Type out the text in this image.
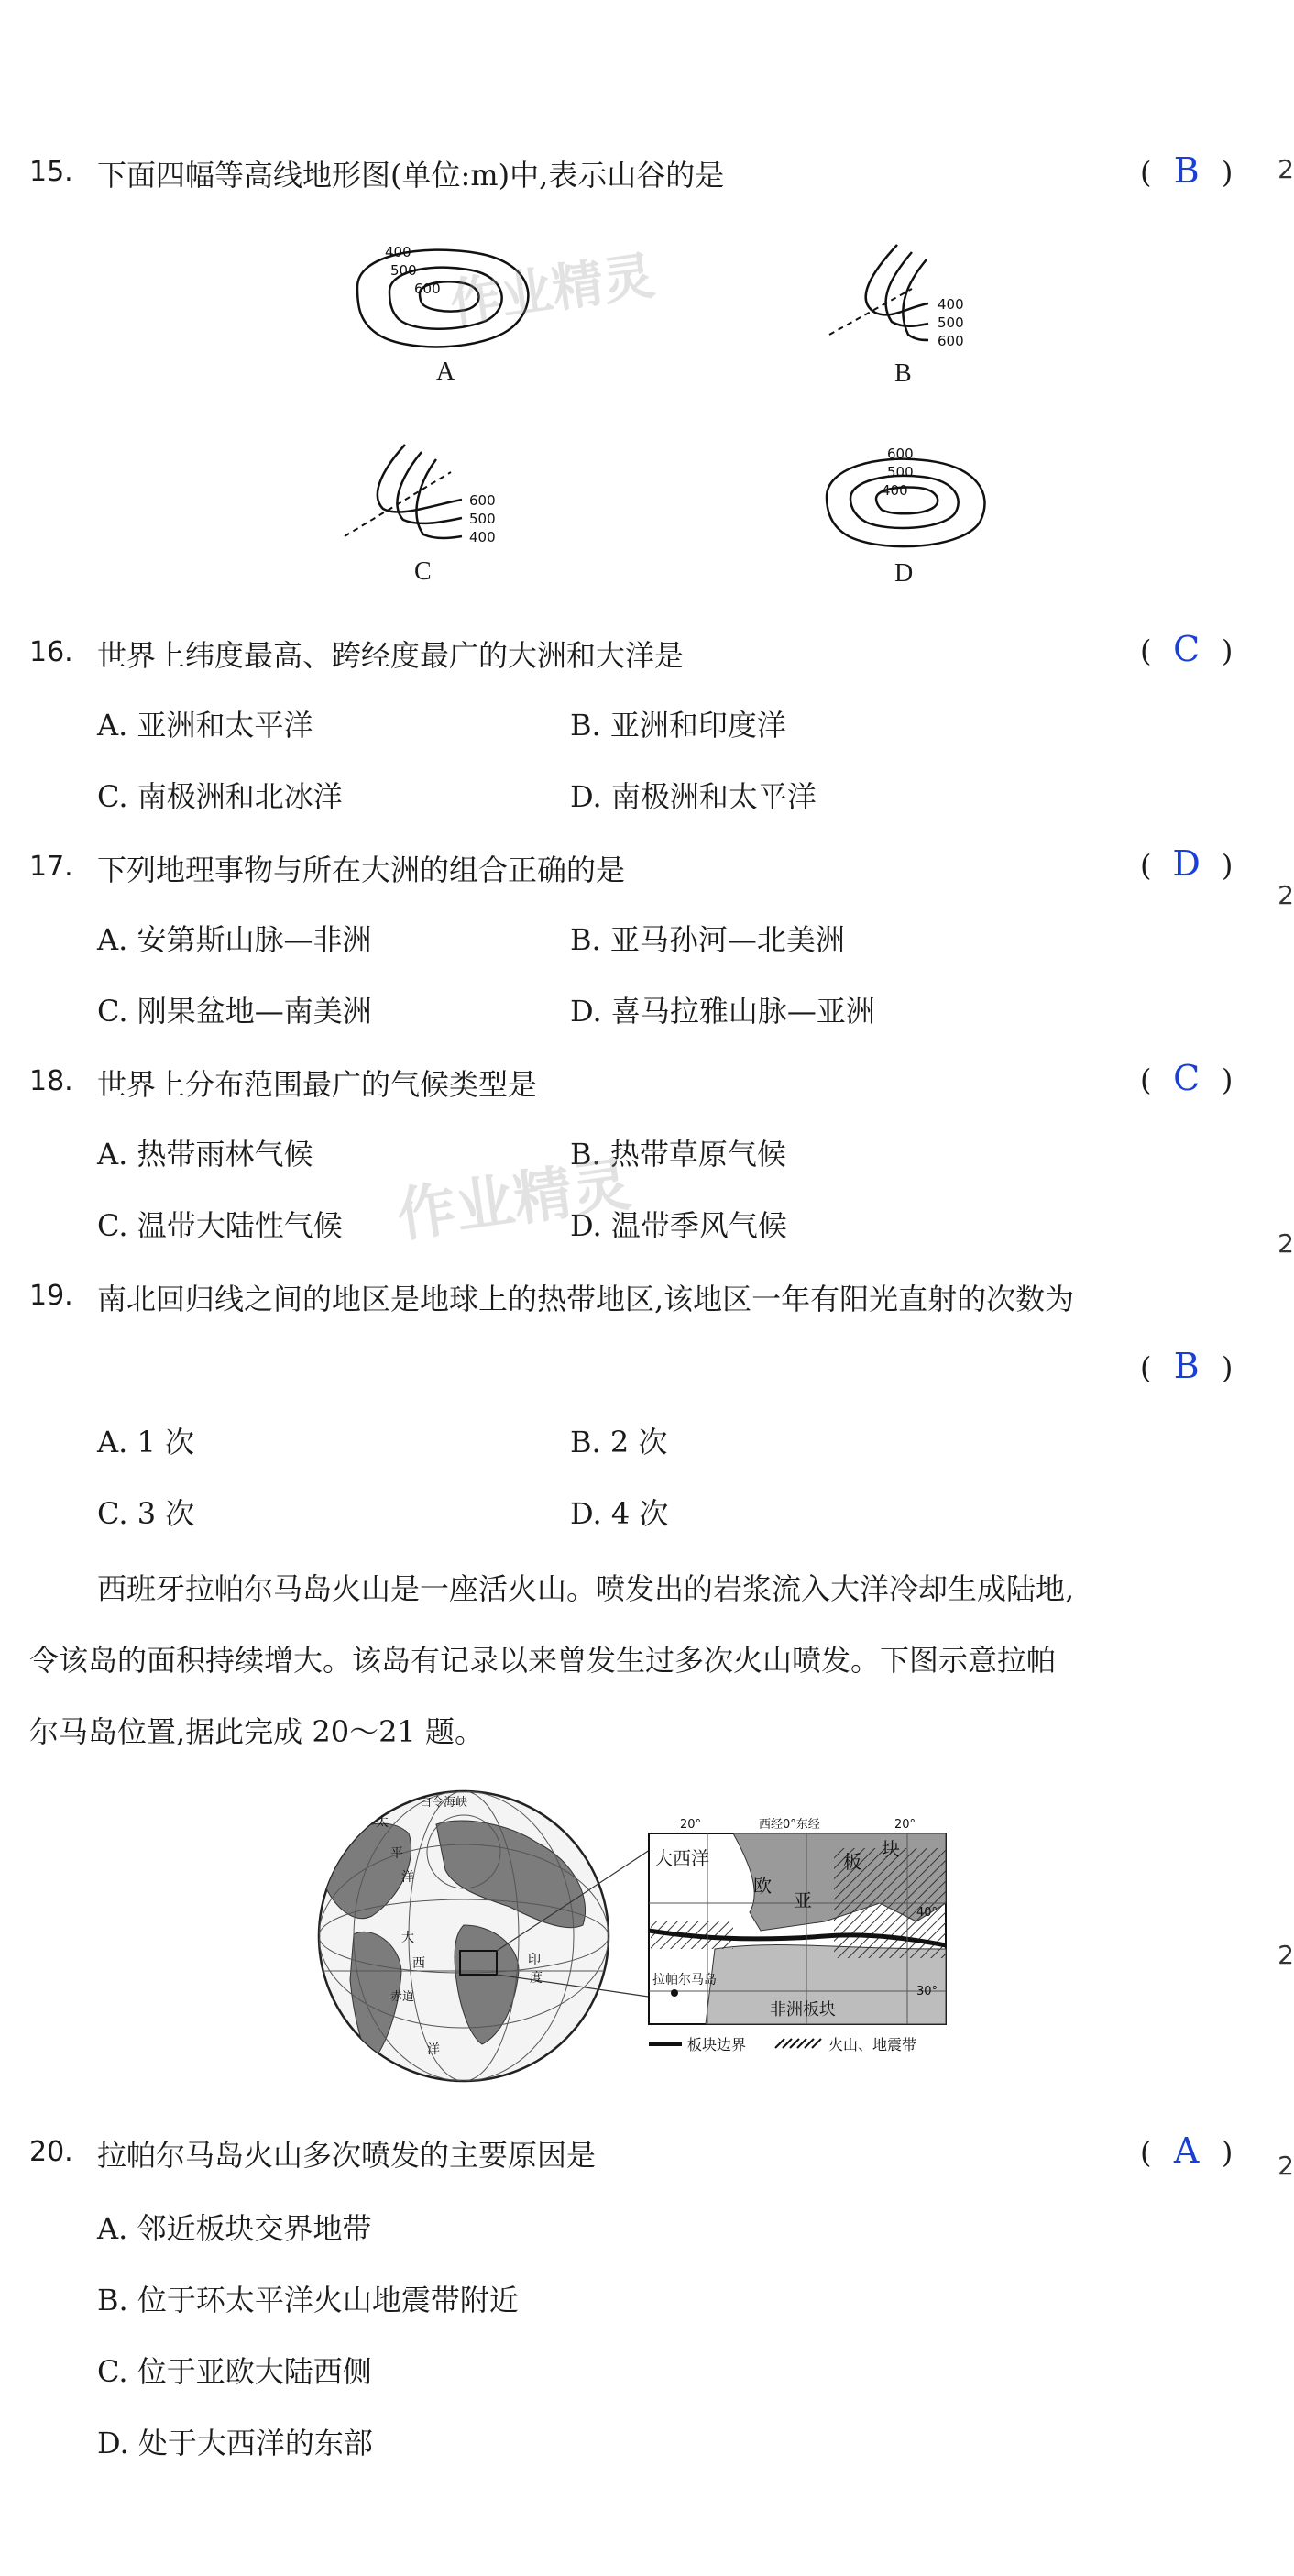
2
2
2
2
2
15. 下面四幅等高线地形图(单位:m)中,表示山谷的是	( B )
400
500
600
A
400
500
600
B
600
500
400
C
600
500
400
D
作业精灵
16. 世界上纬度最高、跨经度最广的大洲和大洋是	( C )
A. 亚洲和太平洋	B. 亚洲和印度洋
C. 南极洲和北冰洋	D. 南极洲和太平洋
17. 下列地理事物与所在大洲的组合正确的是	( D )
A. 安第斯山脉—非洲	B. 亚马孙河—北美洲
C. 刚果盆地—南美洲	D. 喜马拉雅山脉—亚洲
18. 世界上分布范围最广的气候类型是	( C )
A. 热带雨林气候	B. 热带草原气候
C. 温带大陆性气候	D. 温带季风气候
作业精灵
19. 南北回归线之间的地区是地球上的热带地区,该地区一年有阳光直射的次数为
( B )
A. 1 次	B. 2 次
C. 3 次	D. 4 次
西班牙拉帕尔马岛火山是一座活火山。喷发出的岩浆流入大洋冷却生成陆地,
令该岛的面积持续增大。该岛有记录以来曾发生过多次火山喷发。下图示意拉帕
尔马岛位置,据此完成 20～21 题。
白令海峡
太
平
洋
大
西
赤道
印
度
洋
20°	西经0°东经	20°
大西洋
欧
亚
板
块
40°
30°
拉帕尔马岛
非洲板块
板块边界	火山、地震带
20. 拉帕尔马岛火山多次喷发的主要原因是	( A )
A. 邻近板块交界地带
B. 位于环太平洋火山地震带附近
C. 位于亚欧大陆西侧
D. 处于大西洋的东部
